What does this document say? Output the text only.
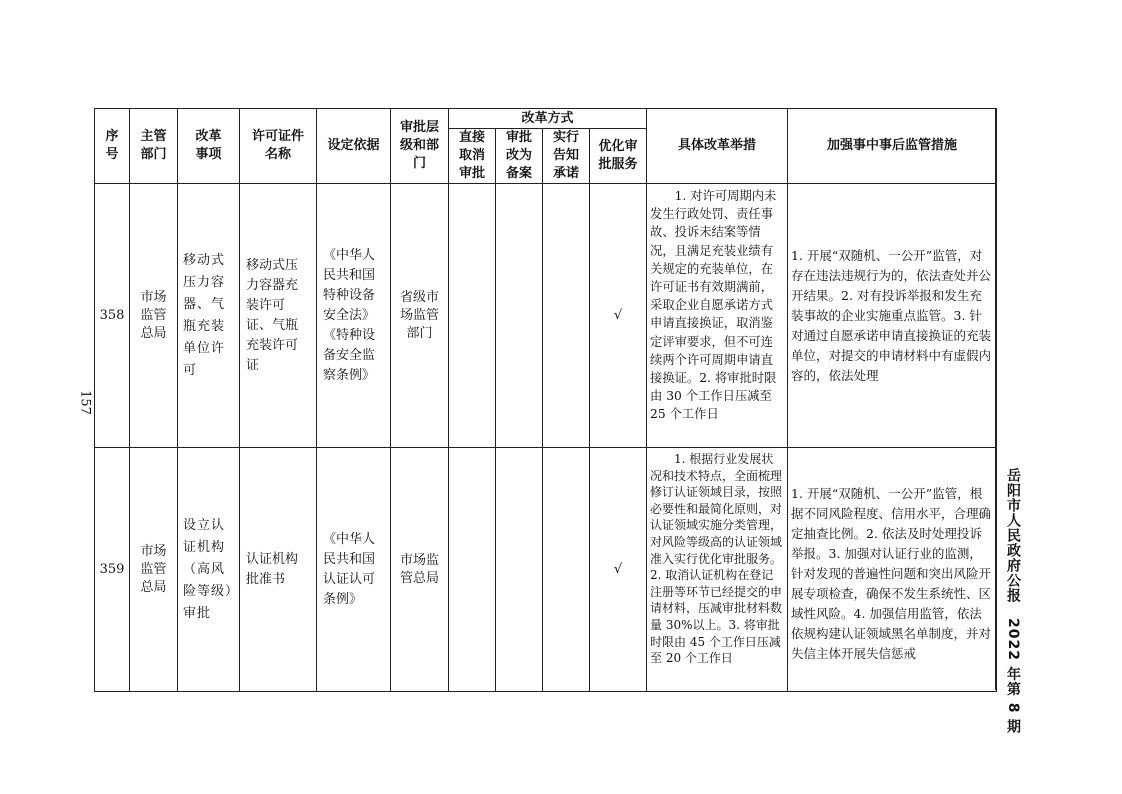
157
岳阳市人民政府公报　2022 年第 8 期
序号	主管部门	改革事项	许可证件名称	设定依据	审批层级和部门	改革方式				具体改革举措	加强事中事后监管措施
						直接取消审批	审批改为备案	实行告知承诺	优化审批服务		
358	市场监管总局	移动式压力容器、气瓶充装单位许可	移动式压力容器充装许可证、气瓶充装许可证	《中华人民共和国特种设备安全法》《特种设备安全监察条例》	省级市场监管部门				√	1. 对许可周期内未发生行政处罚、责任事故、投诉未结案等情况，且满足充装业绩有关规定的充装单位，在许可证书有效期满前，采取企业自愿承诺方式申请直接换证，取消鉴定评审要求，但不可连续两个许可周期申请直接换证。2. 将审批时限由 30 个工作日压减至 25 个工作日	1. 开展“双随机、一公开”监管，对存在违法违规行为的，依法查处并公开结果。2. 对有投诉举报和发生充装事故的企业实施重点监管。3. 针对通过自愿承诺申请直接换证的充装单位，对提交的申请材料中有虚假内容的，依法处理
359	市场监管总局	设立认证机构（高风险等级）审批	认证机构批准书	《中华人民共和国认证认可条例》	市场监管总局				√	1. 根据行业发展状况和技术特点，全面梳理修订认证领域目录，按照必要性和最简化原则，对认证领域实施分类管理，对风险等级高的认证领域准入实行优化审批服务。2. 取消认证机构在登记注册等环节已经提交的申请材料，压减审批材料数量 30%以上。3. 将审批时限由 45 个工作日压减至 20 个工作日	1. 开展“双随机、一公开”监管，根据不同风险程度、信用水平，合理确定抽查比例。2. 依法及时处理投诉举报。3. 加强对认证行业的监测，针对发现的普遍性问题和突出风险开展专项检查，确保不发生系统性、区域性风险。4. 加强信用监管，依法依规构建认证领域黑名单制度，并对失信主体开展失信惩戒
